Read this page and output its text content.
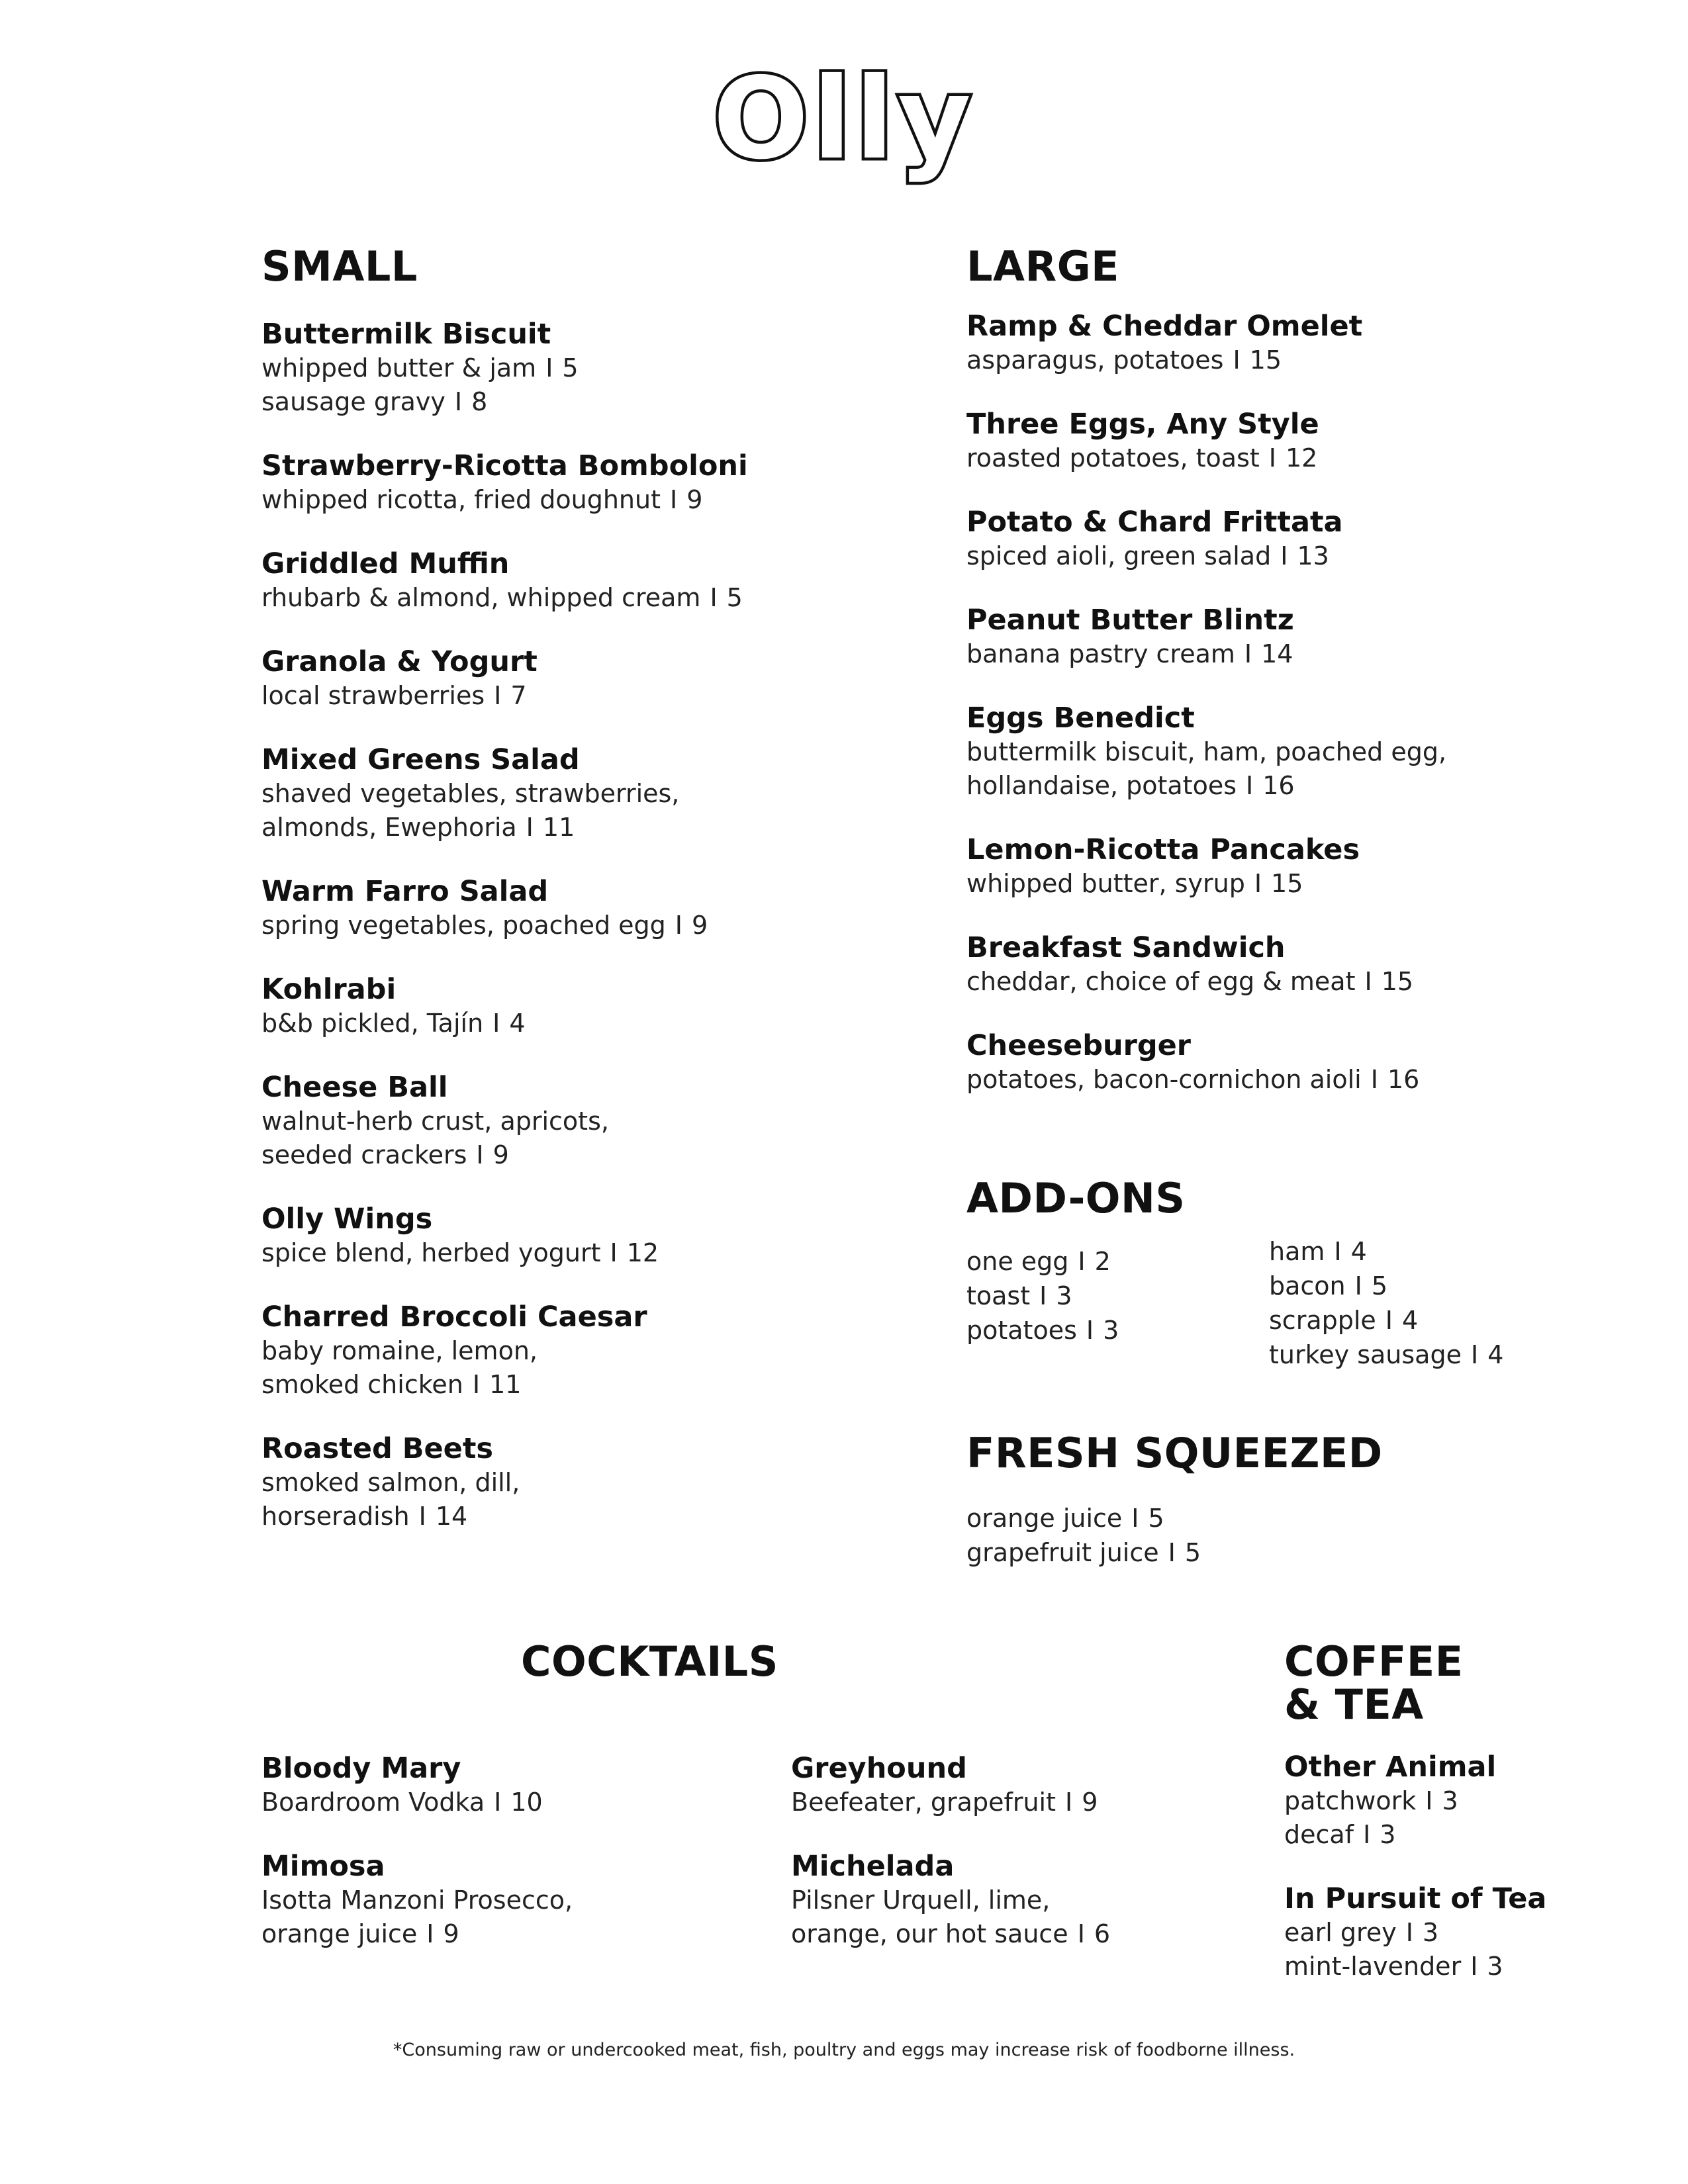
Olly
SMALL
Buttermilk Biscuit
whipped butter & jam I 5
sausage gravy I 8
Strawberry-Ricotta Bomboloni
whipped ricotta, fried doughnut I 9
Griddled Muffin
rhubarb & almond, whipped cream I 5
Granola & Yogurt
local strawberries I 7
Mixed Greens Salad
shaved vegetables, strawberries,
almonds, Ewephoria I 11
Warm Farro Salad
spring vegetables, poached egg I 9
Kohlrabi
b&b pickled, Tajín I 4
Cheese Ball
walnut-herb crust, apricots,
seeded crackers I 9
Olly Wings
spice blend, herbed yogurt I 12
Charred Broccoli Caesar
baby romaine, lemon,
smoked chicken I 11
Roasted Beets
smoked salmon, dill,
horseradish I 14
LARGE
Ramp & Cheddar Omelet
asparagus, potatoes I 15
Three Eggs, Any Style
roasted potatoes, toast I 12
Potato & Chard Frittata
spiced aioli, green salad I 13
Peanut Butter Blintz
banana pastry cream I 14
Eggs Benedict
buttermilk biscuit, ham, poached egg,
hollandaise, potatoes I 16
Lemon-Ricotta Pancakes
whipped butter, syrup I 15
Breakfast Sandwich
cheddar, choice of egg & meat I 15
Cheeseburger
potatoes, bacon-cornichon aioli I 16
ADD-ONS
one egg I 2
toast I 3
potatoes I 3
ham I 4
bacon I 5
scrapple I 4
turkey sausage I 4
FRESH SQUEEZED
orange juice I 5
grapefruit juice I 5
COCKTAILS
Bloody Mary
Boardroom Vodka I 10
Mimosa
Isotta Manzoni Prosecco,
orange juice I 9
Greyhound
Beefeater, grapefruit I 9
Michelada
Pilsner Urquell, lime,
orange, our hot sauce I 6
COFFEE
& TEA
Other Animal
patchwork I 3
decaf I 3
In Pursuit of Tea
earl grey I 3
mint-lavender I 3
*Consuming raw or undercooked meat, fish, poultry and eggs may increase risk of foodborne illness.
